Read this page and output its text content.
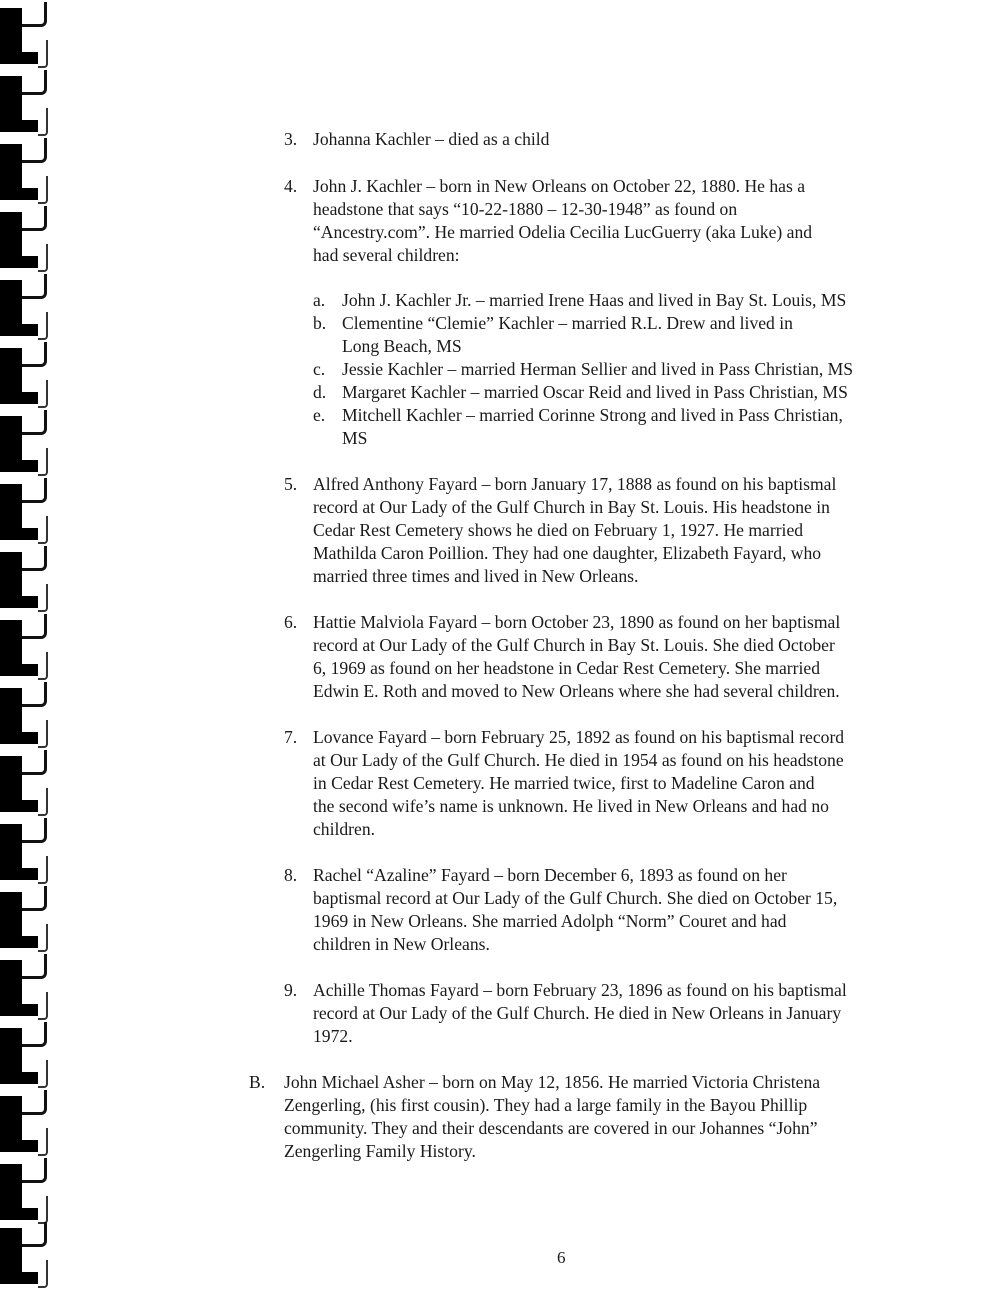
3. Johanna Kachler – died as a child
4. John J. Kachler – born in New Orleans on October 22, 1880. He has a
headstone that says “10-22-1880 – 12-30-1948” as found on
“Ancestry.com”. He married Odelia Cecilia LucGuerry (aka Luke) and
had several children:
a. John J. Kachler Jr. – married Irene Haas and lived in Bay St. Louis, MS
b. Clementine “Clemie” Kachler – married R.L. Drew and lived in
Long Beach, MS
c. Jessie Kachler – married Herman Sellier and lived in Pass Christian, MS
d. Margaret Kachler – married Oscar Reid and lived in Pass Christian, MS
e. Mitchell Kachler – married Corinne Strong and lived in Pass Christian,
MS
5. Alfred Anthony Fayard – born January 17, 1888 as found on his baptismal
record at Our Lady of the Gulf Church in Bay St. Louis. His headstone in
Cedar Rest Cemetery shows he died on February 1, 1927. He married
Mathilda Caron Poillion. They had one daughter, Elizabeth Fayard, who
married three times and lived in New Orleans.
6. Hattie Malviola Fayard – born October 23, 1890 as found on her baptismal
record at Our Lady of the Gulf Church in Bay St. Louis. She died October
6, 1969 as found on her headstone in Cedar Rest Cemetery. She married
Edwin E. Roth and moved to New Orleans where she had several children.
7. Lovance Fayard – born February 25, 1892 as found on his baptismal record
at Our Lady of the Gulf Church. He died in 1954 as found on his headstone
in Cedar Rest Cemetery. He married twice, first to Madeline Caron and
the second wife’s name is unknown. He lived in New Orleans and had no
children.
8. Rachel “Azaline” Fayard – born December 6, 1893 as found on her
baptismal record at Our Lady of the Gulf Church. She died on October 15,
1969 in New Orleans. She married Adolph “Norm” Couret and had
children in New Orleans.
9. Achille Thomas Fayard – born February 23, 1896 as found on his baptismal
record at Our Lady of the Gulf Church. He died in New Orleans in January
1972.
B. John Michael Asher – born on May 12, 1856. He married Victoria Christena
Zengerling, (his first cousin). They had a large family in the Bayou Phillip
community. They and their descendants are covered in our Johannes “John”
Zengerling Family History.
6
